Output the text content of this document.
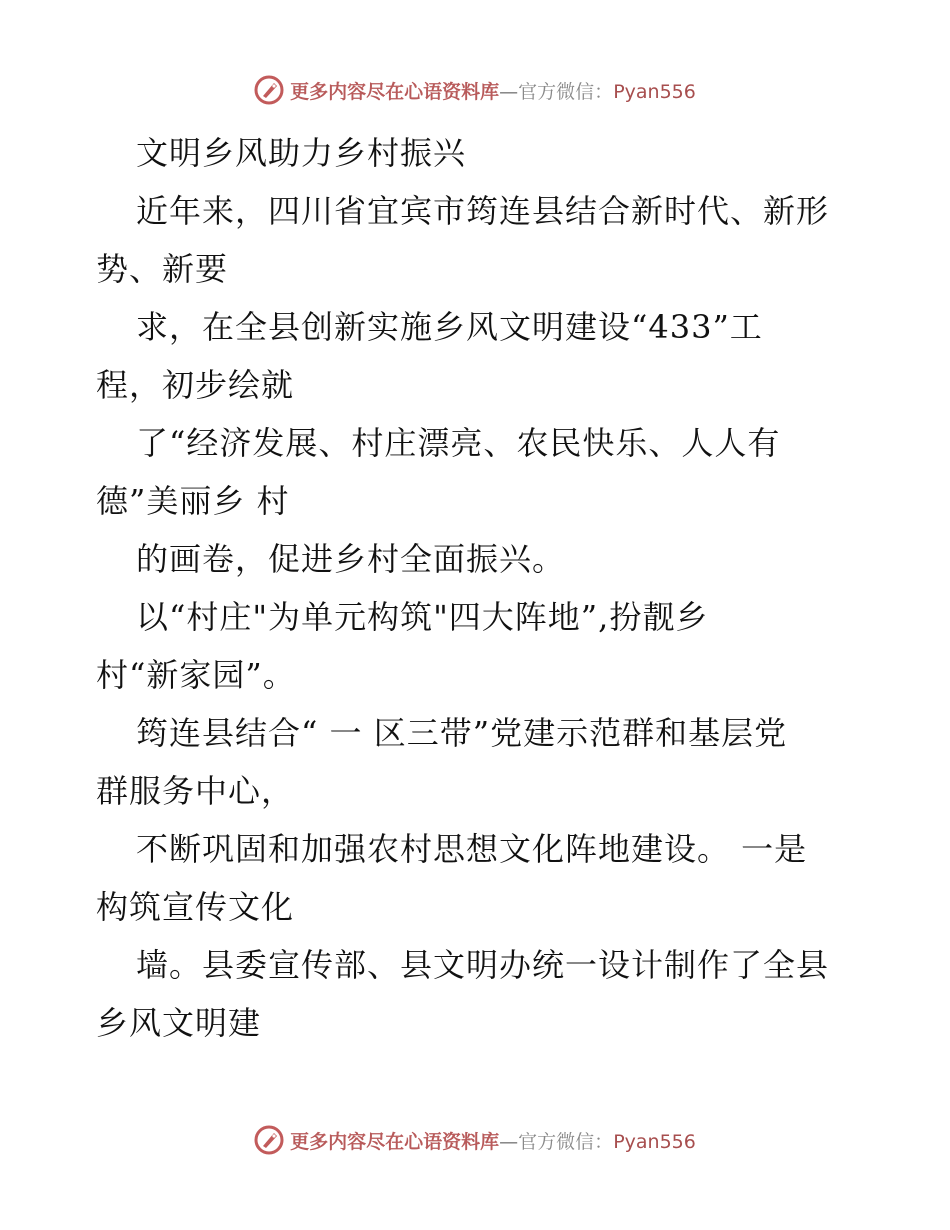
更多内容尽在心语资料库—官方微信：Pyan556
文明乡风助力乡村振兴
近年来，四川省宜宾市筠连县结合新时代、新形
势、新要
求，在全县创新实施乡风文明建设“433”工
程，初步绘就
了“经济发展、村庄漂亮、农民快乐、人人有
德”美丽乡 村
的画卷，促进乡村全面振兴。
以“村庄"为单元构筑"四大阵地”,扮靓乡
村“新家园”。
筠连县结合“ 一 区三带”党建示范群和基层党
群服务中心，
不断巩固和加强农村思想文化阵地建设。 一是
构筑宣传文化
墙。县委宣传部、县文明办统一设计制作了全县
乡风文明建
更多内容尽在心语资料库—官方微信：Pyan556
